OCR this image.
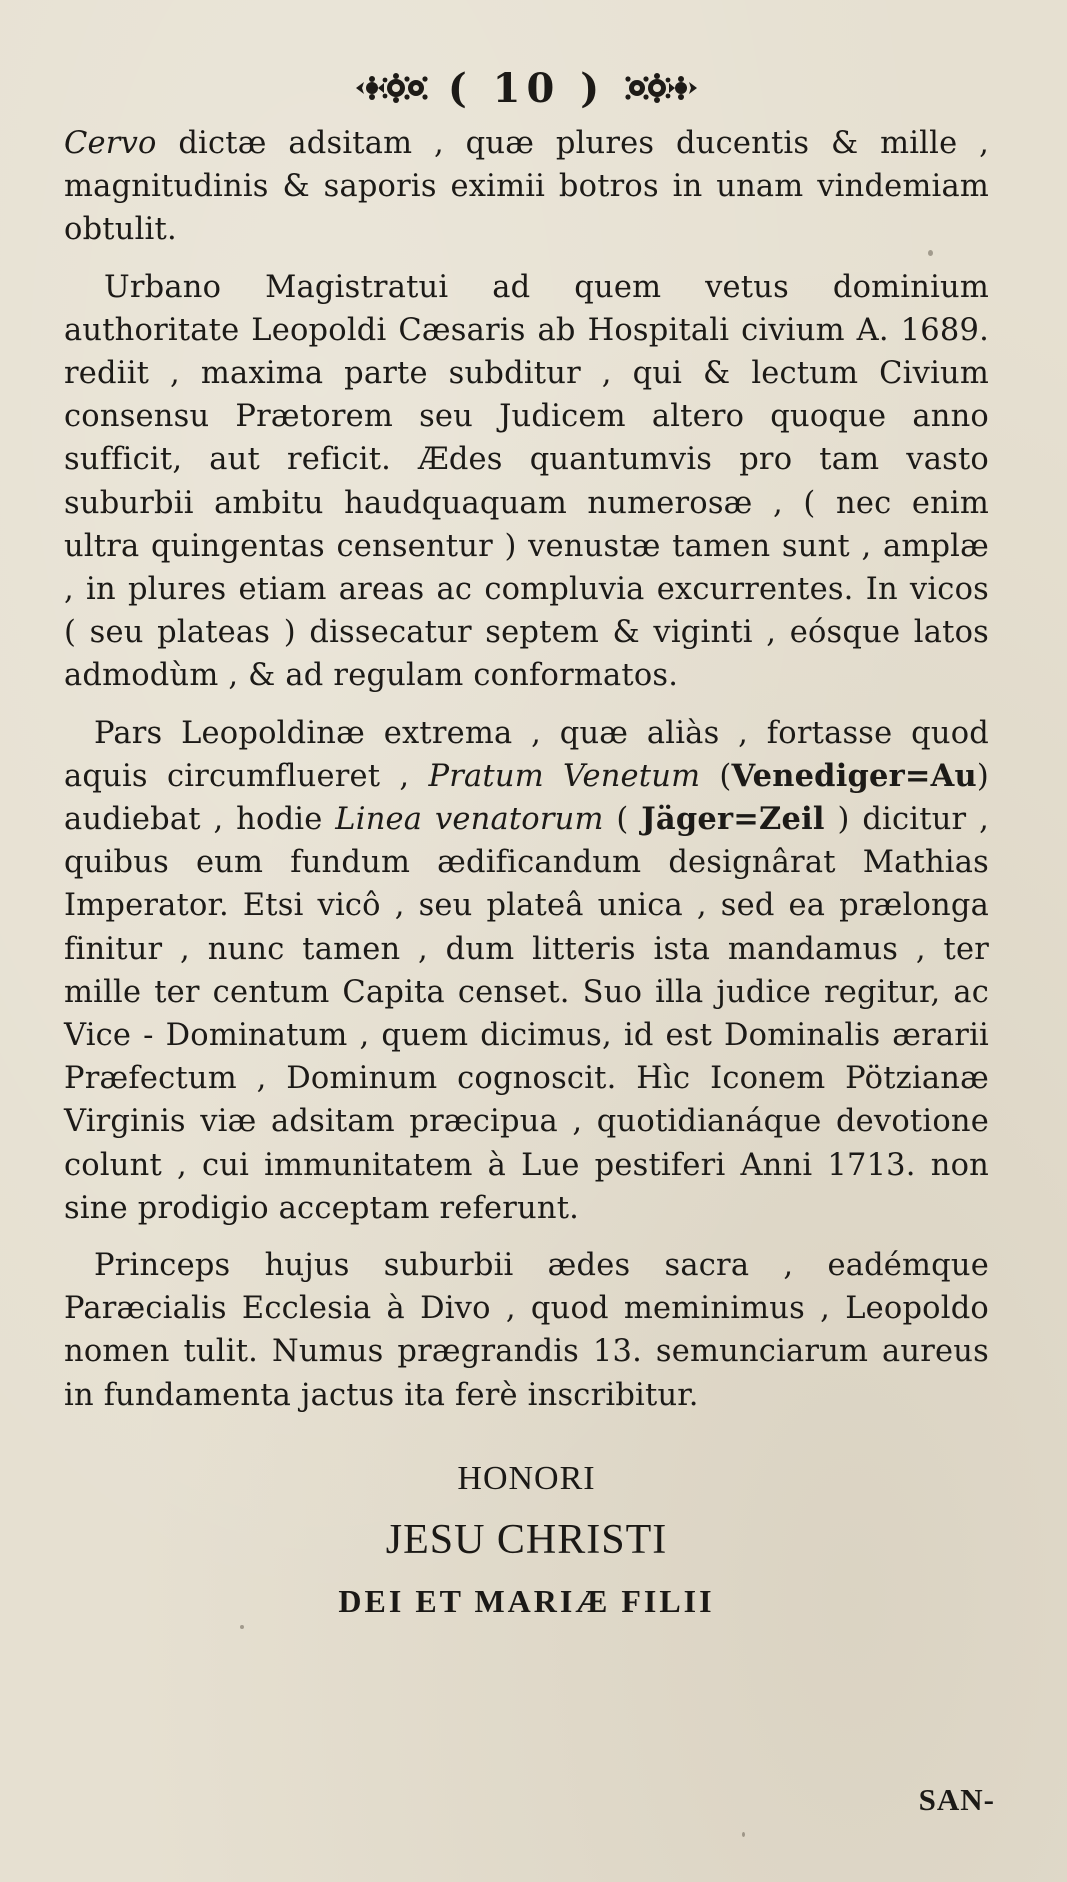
( 10 )

Cervo dictæ adsitam , quæ plures ducentis & mille , magnitudinis & saporis eximii botros in unam vindemiam obtulit.

Urbano Magistratui ad quem vetus dominium authoritate Leopoldi Cæsaris ab Hospitali civium A. 1689. rediit , maxima parte subditur , qui & lectum Civium consensu Prætorem seu Judicem altero quoque anno sufficit, aut reficit. Ædes quantumvis pro tam vasto suburbii ambitu haudquaquam numerosæ , ( nec enim ultra quingentas censentur ) venustæ tamen sunt , amplæ , in plures etiam areas ac compluvia excurrentes. In vicos ( seu plateas ) dissecatur septem & viginti , eósque latos admodùm , & ad regulam conformatos.

Pars Leopoldinæ extrema , quæ aliàs , fortasse quod aquis circumflueret , Pratum Venetum (Venediger=Au) audiebat , hodie Linea venatorum ( Jäger=Zeil ) dicitur , quibus eum fundum ædificandum designârat Mathias Imperator. Etsi vicô , seu plateâ unica , sed ea prælonga finitur , nunc tamen , dum litteris ista mandamus , ter mille ter centum Capita censet. Suo illa judice regitur, ac Vice - Dominatum , quem dicimus, id est Dominalis ærarii Præfectum , Dominum cognoscit. Hìc Iconem Pötzianæ Virginis viæ adsitam præcipua , quotidianáque devotione colunt , cui immunitatem à Lue pestiferi Anni 1713. non sine prodigio acceptam referunt.

Princeps hujus suburbii ædes sacra , eadémque Paræcialis Ecclesia à Divo , quod meminimus , Leopoldo nomen tulit. Numus prægrandis 13. semunciarum aureus in fundamenta jactus ita ferè inscribitur.

HONORI
JESU CHRISTI
DEI ET MARIÆ FILII
SAN-
